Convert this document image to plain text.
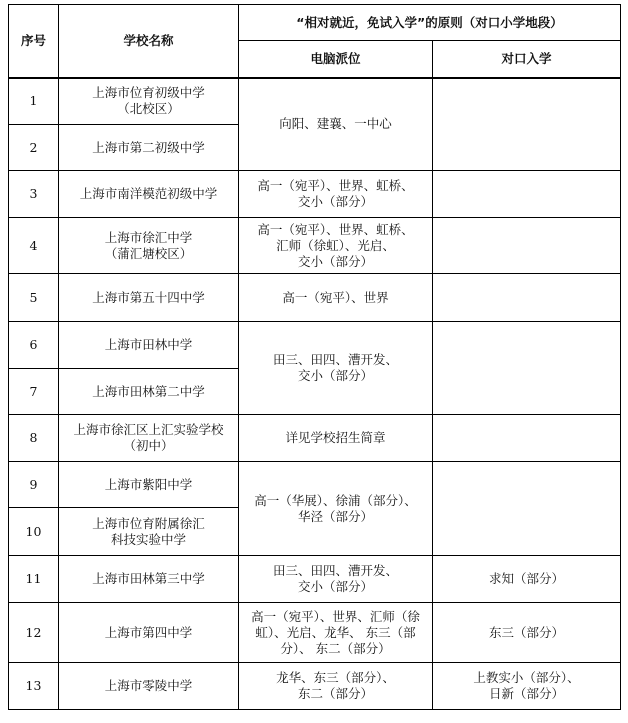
序号	学校名称	“相对就近，免试入学”的原则（对口小学地段）	
		电脑派位	对口入学
1	上海市位育初级中学
（北校区）	向阳、建襄、一中心	
2	上海市第二初级中学		
3	上海市南洋模范初级中学	高一（宛平）、世界、虹桥、
交小（部分）	
4	上海市徐汇中学
（蒲汇塘校区）	高一（宛平）、世界、虹桥、
汇师（徐虹）、光启、
交小（部分）	
5	上海市第五十四中学	高一（宛平）、世界	
6	上海市田林中学	田三、田四、漕开发、
交小（部分）	
7	上海市田林第二中学		
8	上海市徐汇区上汇实验学校
（初中）	详见学校招生简章	
9	上海市紫阳中学	高一（华展）、徐浦（部分）、
华泾（部分）	
10	上海市位育附属徐汇
科技实验中学		
11	上海市田林第三中学	田三、田四、漕开发、
交小（部分）	求知（部分）
12	上海市第四中学	高一（宛平）、世界、汇师（徐
虹）、光启、龙华、 东三（部
分）、 东二（部分）	东三（部分）
13	上海市零陵中学	龙华、东三（部分）、
东二（部分）	上教实小（部分）、
日新（部分）
